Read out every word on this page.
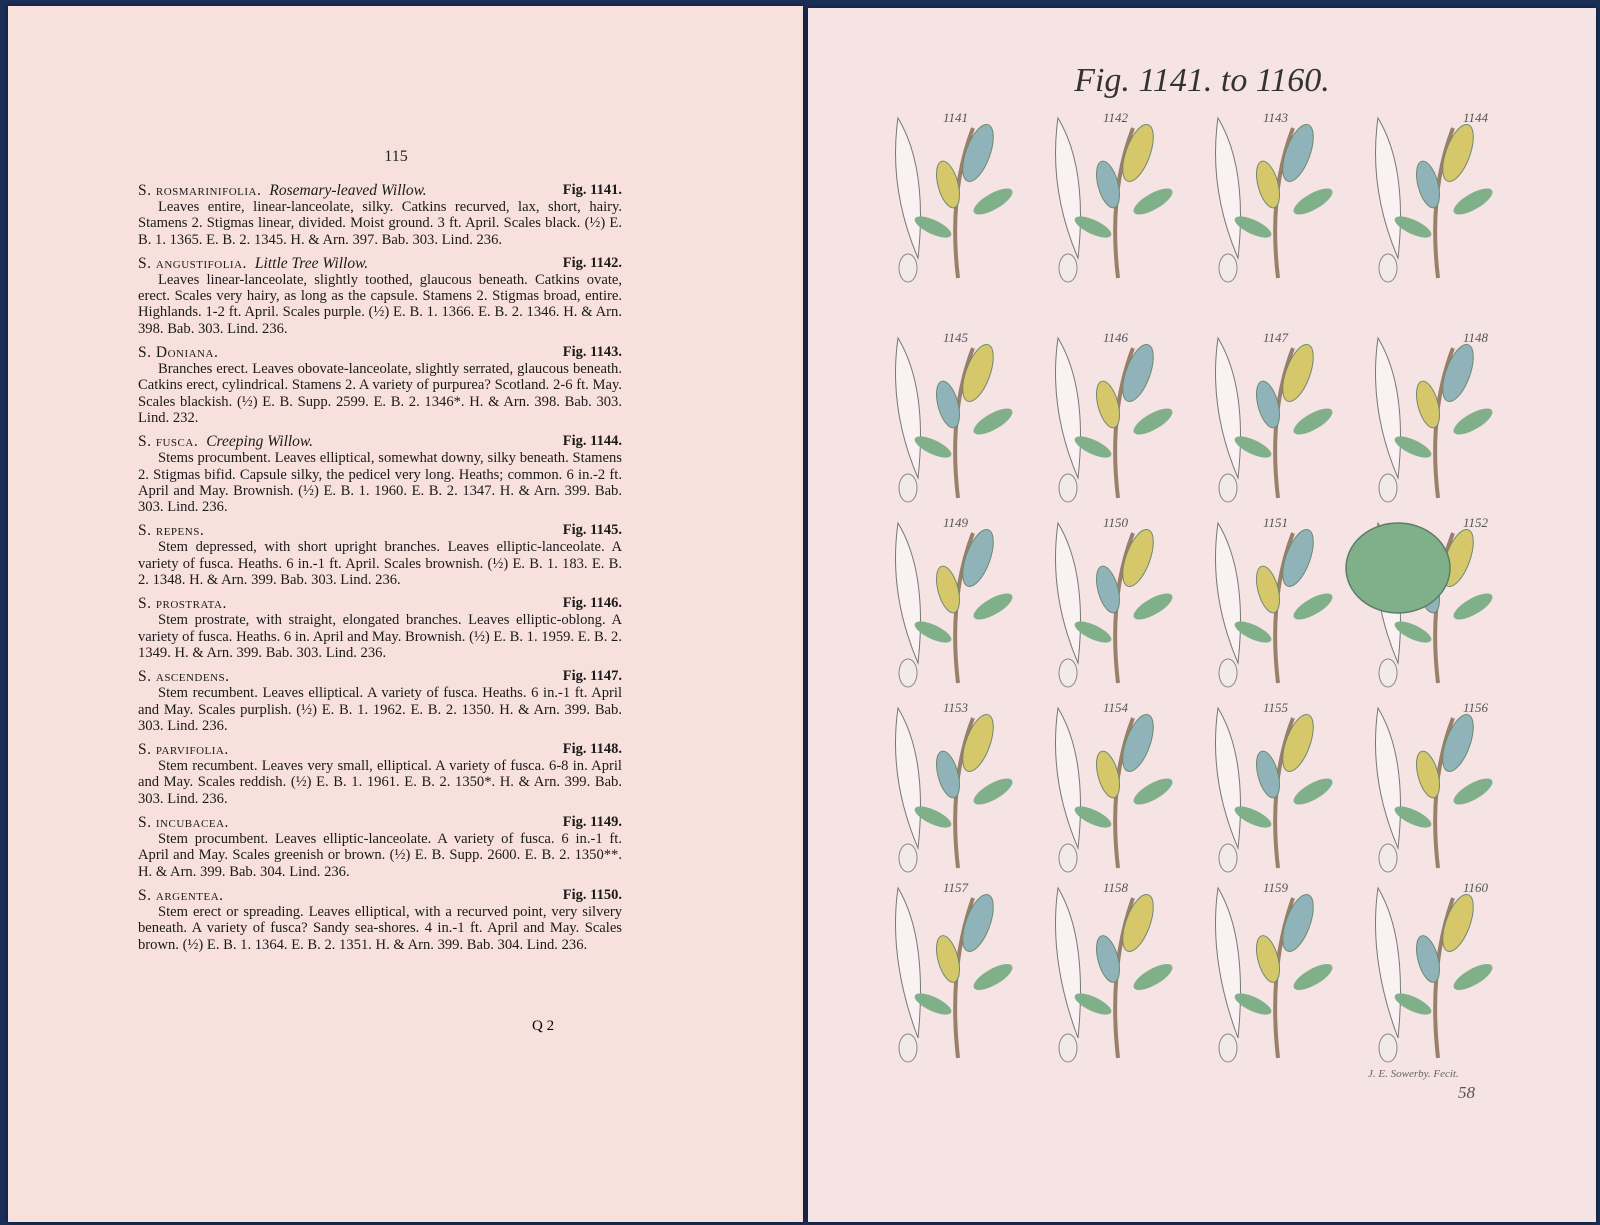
115
S. rosmarinifolia. Rosemary-leaved Willow.	Fig. 1141.

Leaves entire, linear-lanceolate, silky. Catkins recurved, lax, short, hairy. Stamens 2. Stigmas linear, divided. Moist ground. 3 ft. April. Scales black. (½) E. B. 1. 1365. E. B. 2. 1345. H. & Arn. 397. Bab. 303. Lind. 236.

S. angustifolia. Little Tree Willow.	Fig. 1142.

Leaves linear-lanceolate, slightly toothed, glaucous beneath. Catkins ovate, erect. Scales very hairy, as long as the capsule. Stamens 2. Stigmas broad, entire. Highlands. 1-2 ft. April. Scales purple. (½) E. B. 1. 1366. E. B. 2. 1346. H. & Arn. 398. Bab. 303. Lind. 236.

S. Doniana.	Fig. 1143.

Branches erect. Leaves obovate-lanceolate, slightly serrated, glaucous beneath. Catkins erect, cylindrical. Stamens 2. A variety of purpurea? Scotland. 2-6 ft. May. Scales blackish. (½) E. B. Supp. 2599. E. B. 2. 1346*. H. & Arn. 398. Bab. 303. Lind. 232.

S. fusca. Creeping Willow.	Fig. 1144.

Stems procumbent. Leaves elliptical, somewhat downy, silky beneath. Stamens 2. Stigmas bifid. Capsule silky, the pedicel very long. Heaths; common. 6 in.-2 ft. April and May. Brownish. (½) E. B. 1. 1960. E. B. 2. 1347. H. & Arn. 399. Bab. 303. Lind. 236.

S. repens.	Fig. 1145.

Stem depressed, with short upright branches. Leaves elliptic-lanceolate. A variety of fusca. Heaths. 6 in.-1 ft. April. Scales brownish. (½) E. B. 1. 183. E. B. 2. 1348. H. & Arn. 399. Bab. 303. Lind. 236.

S. prostrata.	Fig. 1146.

Stem prostrate, with straight, elongated branches. Leaves elliptic-oblong. A variety of fusca. Heaths. 6 in. April and May. Brownish. (½) E. B. 1. 1959. E. B. 2. 1349. H. & Arn. 399. Bab. 303. Lind. 236.

S. ascendens.	Fig. 1147.

Stem recumbent. Leaves elliptical. A variety of fusca. Heaths. 6 in.-1 ft. April and May. Scales purplish. (½) E. B. 1. 1962. E. B. 2. 1350. H. & Arn. 399. Bab. 303. Lind. 236.

S. parvifolia.	Fig. 1148.

Stem recumbent. Leaves very small, elliptical. A variety of fusca. 6-8 in. April and May. Scales reddish. (½) E. B. 1. 1961. E. B. 2. 1350*. H. & Arn. 399. Bab. 303. Lind. 236.

S. incubacea.	Fig. 1149.

Stem procumbent. Leaves elliptic-lanceolate. A variety of fusca. 6 in.-1 ft. April and May. Scales greenish or brown. (½) E. B. Supp. 2600. E. B. 2. 1350**. H. & Arn. 399. Bab. 304. Lind. 236.

S. argentea.	Fig. 1150.

Stem erect or spreading. Leaves elliptical, with a recurved point, very silvery beneath. A variety of fusca? Sandy sea-shores. 4 in.-1 ft. April and May. Scales brown. (½) E. B. 1. 1364. E. B. 2. 1351. H. & Arn. 399. Bab. 304. Lind. 236.

Q 2
Fig. 1141. to 1160.
1141	1142	1143	1144
1145	1146	1147	1148
1149	1150	1151	1152
1153	1154	1155	1156
1157	1158	1159	1160
J. E. Sowerby. Fecit.
58
